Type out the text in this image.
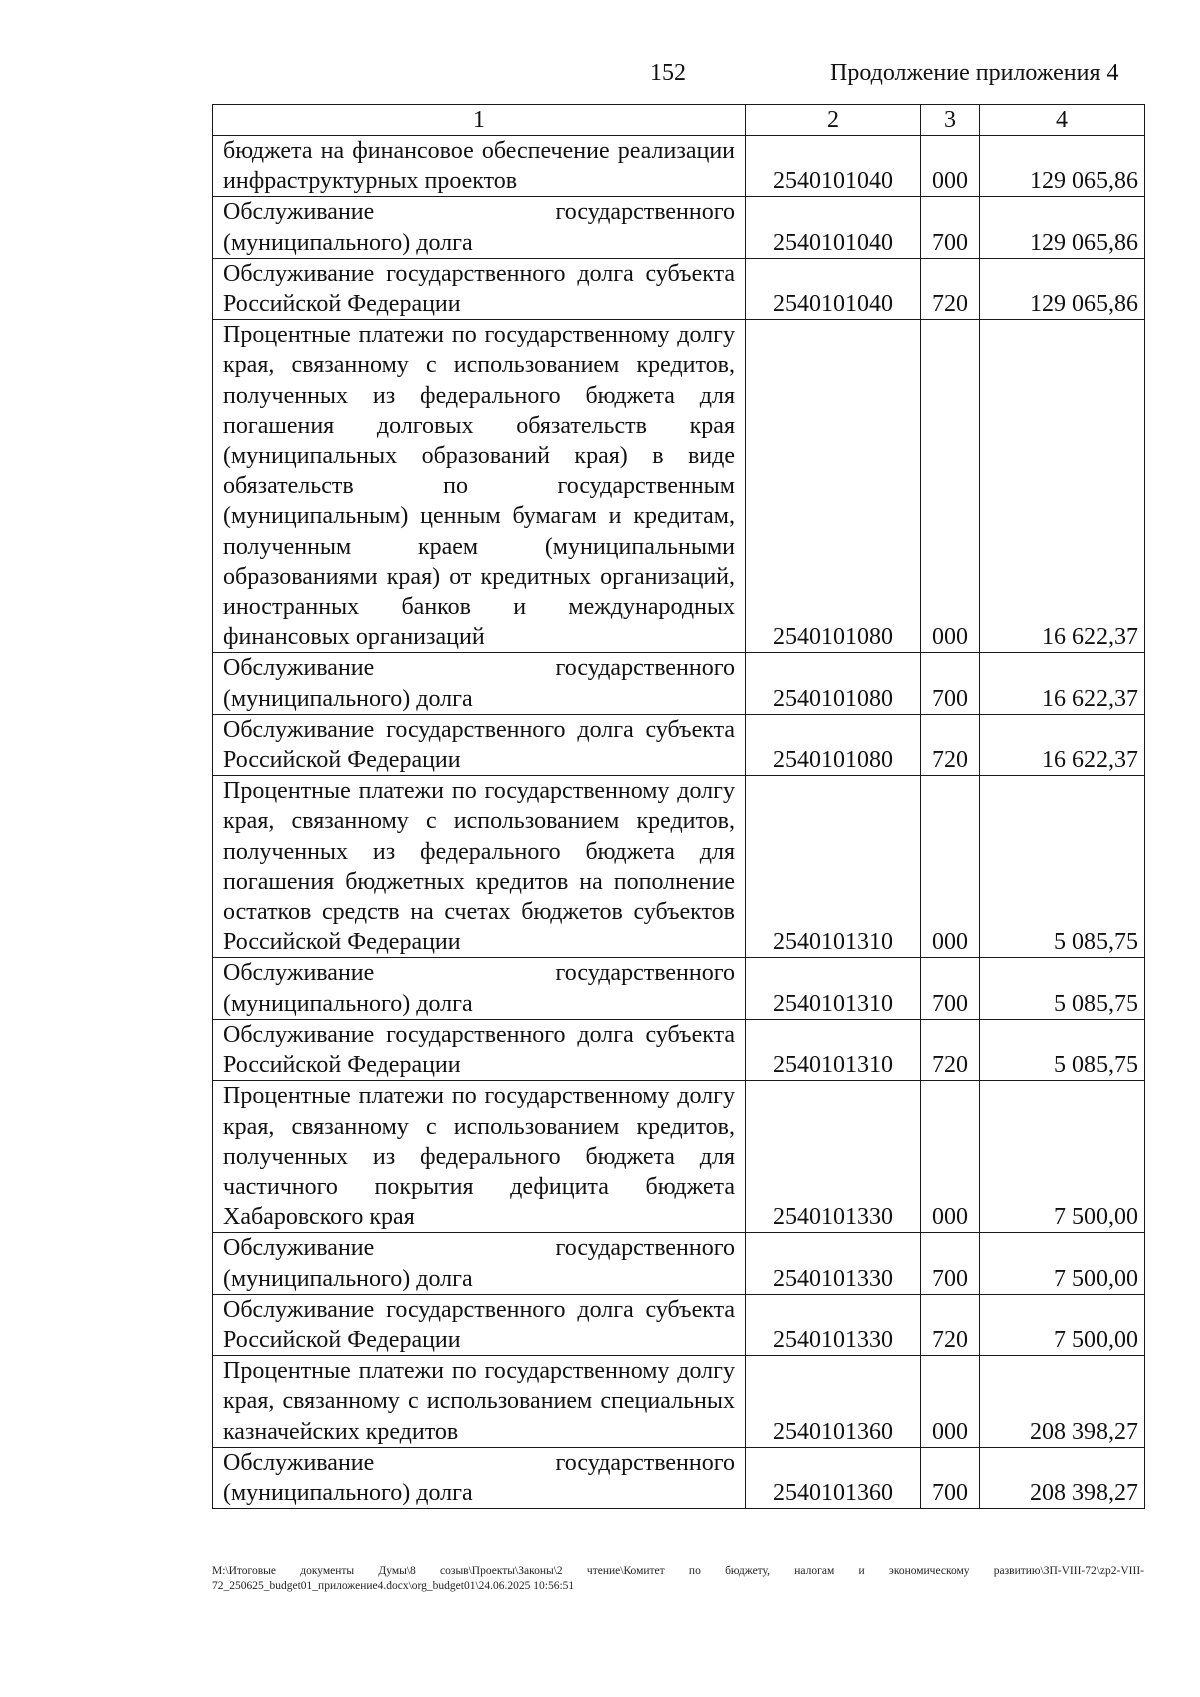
152	Продолжение приложения 4
1	2	3	4
бюджета на финансовое обеспечение реализации инфраструктурных проектов	2540101040	000	129 065,86
Обслуживание государственного (муниципального) долга	2540101040	700	129 065,86
Обслуживание государственного долга субъекта Российской Федерации	2540101040	720	129 065,86
Процентные платежи по государственному долгу края, связанному с использованием кредитов, полученных из федерального бюджета для погашения долговых обязательств края (муниципальных образований края) в виде обязательств по государственным (муниципальным) ценным бумагам и кредитам, полученным краем (муниципальными образованиями края) от кредитных организаций, иностранных банков и международных финансовых организаций	2540101080	000	16 622,37
Обслуживание государственного (муниципального) долга	2540101080	700	16 622,37
Обслуживание государственного долга субъекта Российской Федерации	2540101080	720	16 622,37
Процентные платежи по государственному долгу края, связанному с использованием кредитов, полученных из федерального бюджета для погашения бюджетных кредитов на пополнение остатков средств на счетах бюджетов субъектов Российской Федерации	2540101310	000	5 085,75
Обслуживание государственного (муниципального) долга	2540101310	700	5 085,75
Обслуживание государственного долга субъекта Российской Федерации	2540101310	720	5 085,75
Процентные платежи по государственному долгу края, связанному с использованием кредитов, полученных из федерального бюджета для частичного покрытия дефицита бюджета Хабаровского края	2540101330	000	7 500,00
Обслуживание государственного (муниципального) долга	2540101330	700	7 500,00
Обслуживание государственного долга субъекта Российской Федерации	2540101330	720	7 500,00
Процентные платежи по государственному долгу края, связанному с использованием специальных казначейских кредитов	2540101360	000	208 398,27
Обслуживание государственного (муниципального) долга	2540101360	700	208 398,27
М:\Итоговые документы Думы\8 созыв\Проекты\Законы\2 чтение\Комитет по бюджету, налогам и экономическому развитию\ЗП-VIII-72\zp2-VIII-72_250625_budget01_приложение4.docx\org_budget01\24.06.2025 10:56:51
